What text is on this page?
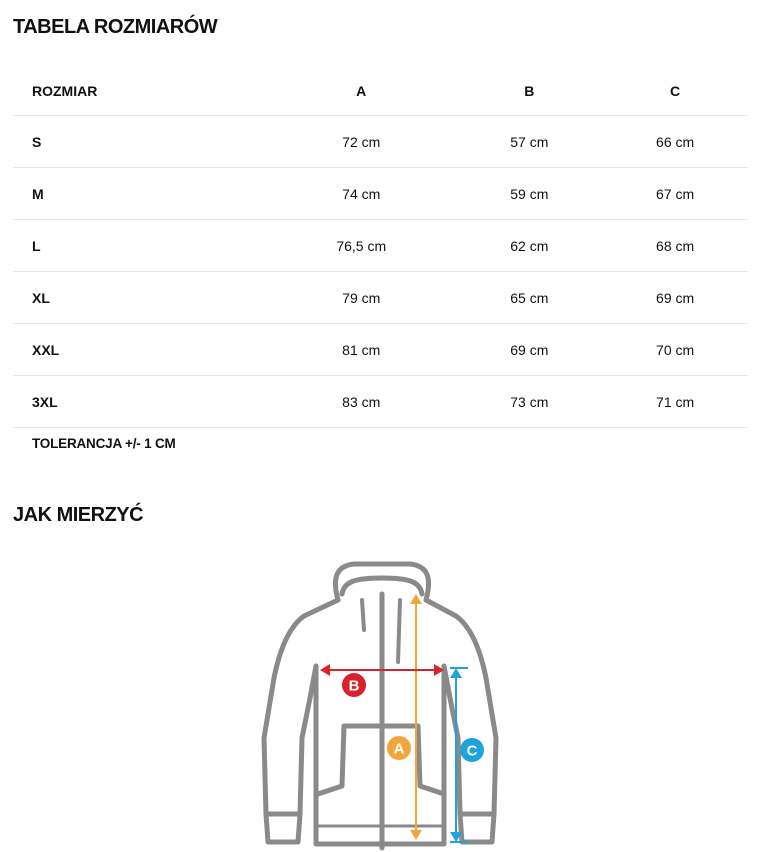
TABELA ROZMIARÓW
ROZMIAR	A	B	C
S	72 cm	57 cm	66 cm
M	74 cm	59 cm	67 cm
L	76,5 cm	62 cm	68 cm
XL	79 cm	65 cm	69 cm
XXL	81 cm	69 cm	70 cm
3XL	83 cm	73 cm	71 cm

TOLERANCJA +/- 1 CM
JAK MIERZYĆ
A
B
C
